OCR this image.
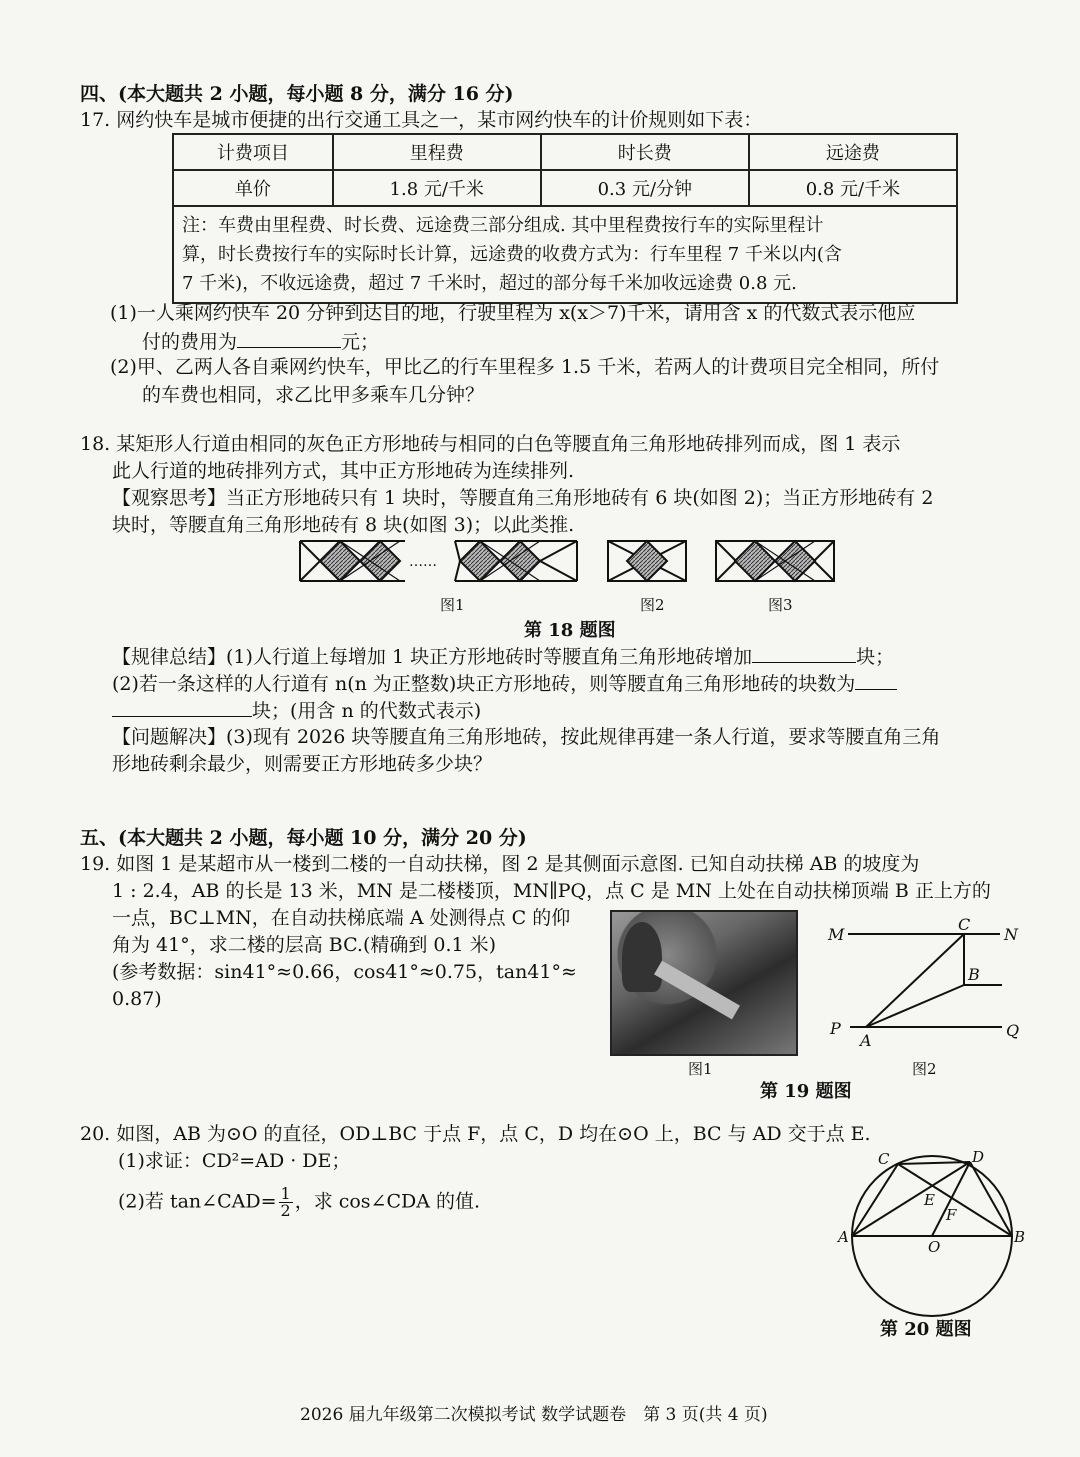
四、(本大题共 2 小题，每小题 8 分，满分 16 分)
17. 网约快车是城市便捷的出行交通工具之一，某市网约快车的计价规则如下表：
计费项目	里程费	时长费	远途费
单价	1.8 元/千米	0.3 元/分钟	0.8 元/千米

注：车费由里程费、时长费、远途费三部分组成. 其中里程费按行车的实际里程计
算，时长费按行车的实际时长计算，远途费的收费方式为：行车里程 7 千米以内(含
7 千米)，不收远途费，超过 7 千米时，超过的部分每千米加收远途费 0.8 元.			
(1)一人乘网约快车 20 分钟到达目的地，行驶里程为 x(x＞7)千米，请用含 x 的代数式表示他应
付的费用为	元；
(2)甲、乙两人各自乘网约快车，甲比乙的行车里程多 1.5 千米，若两人的计费项目完全相同，所付
的车费也相同，求乙比甲多乘车几分钟？
18. 某矩形人行道由相同的灰色正方形地砖与相同的白色等腰直角三角形地砖排列而成，图 1 表示
此人行道的地砖排列方式，其中正方形地砖为连续排列.
【观察思考】当正方形地砖只有 1 块时，等腰直角三角形地砖有 6 块(如图 2)；当正方形地砖有 2
块时，等腰直角三角形地砖有 8 块(如图 3)；以此类推.
……
图1	图2	图3
第 18 题图
【规律总结】(1)人行道上每增加 1 块正方形地砖时等腰直角三角形地砖增加	块；
(2)若一条这样的人行道有 n(n 为正整数)块正方形地砖，则等腰直角三角形地砖的块数为
块；(用含 n 的代数式表示)
【问题解决】(3)现有 2026 块等腰直角三角形地砖，按此规律再建一条人行道，要求等腰直角三角
形地砖剩余最少，则需要正方形地砖多少块？
五、(本大题共 2 小题，每小题 10 分，满分 20 分)
19. 如图 1 是某超市从一楼到二楼的一自动扶梯，图 2 是其侧面示意图. 已知自动扶梯 AB 的坡度为
1 : 2.4，AB 的长是 13 米，MN 是二楼楼顶，MN∥PQ，点 C 是 MN 上处在自动扶梯顶端 B 正上方的
一点，BC⊥MN，在自动扶梯底端 A 处测得点 C 的仰
角为 41°，求二楼的层高 BC.(精确到 0.1 米)
(参考数据：sin41°≈0.66，cos41°≈0.75，tan41°≈
0.87)
M
C
N
B
P
A
Q
图1	图2
第 19 题图
20. 如图，AB 为⊙O 的直径，OD⊥BC 于点 F，点 C，D 均在⊙O 上，BC 与 AD 交于点 E.
(1)求证：CD²=AD · DE；
(2)若 tan∠CAD= $\frac{1}{2}$ ，求 cos∠CDA 的值.
C	D
E
F
A
O
B
第 20 题图
2026 届九年级第二次模拟考试 数学试题卷　第 3 页(共 4 页)
